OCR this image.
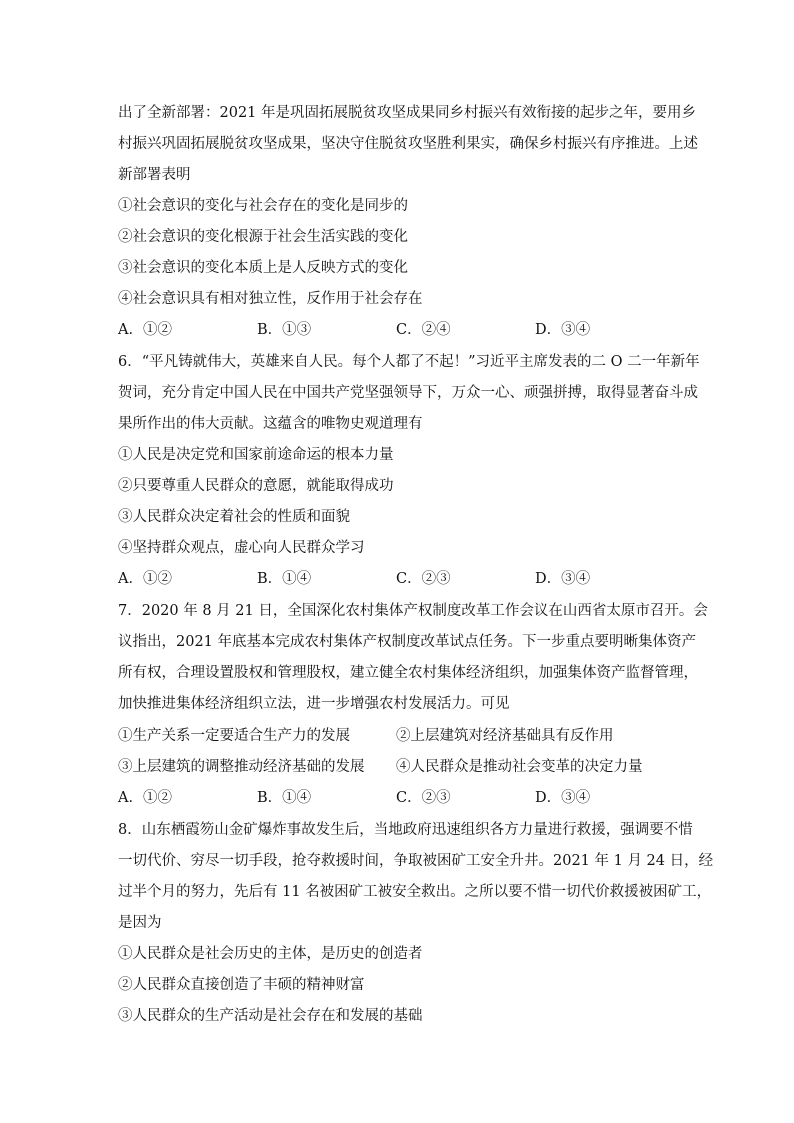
出了全新部署：2021 年是巩固拓展脱贫攻坚成果同乡村振兴有效衔接的起步之年，要用乡
村振兴巩固拓展脱贫攻坚成果，坚决守住脱贫攻坚胜利果实，确保乡村振兴有序推进。上述
新部署表明
①社会意识的变化与社会存在的变化是同步的
②社会意识的变化根源于社会生活实践的变化
③社会意识的变化本质上是人反映方式的变化
④社会意识具有相对独立性，反作用于社会存在
A．①②	B．①③	C．②④	D．③④
6．“平凡铸就伟大，英雄来自人民。每个人都了不起！”习近平主席发表的二 O 二一年新年
贺词，充分肯定中国人民在中国共产党坚强领导下，万众一心、顽强拼搏，取得显著奋斗成
果所作出的伟大贡献。这蕴含的唯物史观道理有
①人民是决定党和国家前途命运的根本力量
②只要尊重人民群众的意愿，就能取得成功
③人民群众决定着社会的性质和面貌
④坚持群众观点，虚心向人民群众学习
A．①②	B．①④	C．②③	D．③④
7．2020 年 8 月 21 日，全国深化农村集体产权制度改革工作会议在山西省太原市召开。会
议指出，2021 年底基本完成农村集体产权制度改革试点任务。下一步重点要明晰集体资产
所有权，合理设置股权和管理股权，建立健全农村集体经济组织，加强集体资产监督管理，
加快推进集体经济组织立法，进一步增强农村发展活力。可见
①生产关系一定要适合生产力的发展	②上层建筑对经济基础具有反作用
③上层建筑的调整推动经济基础的发展 ④人民群众是推动社会变革的决定力量
A．①②	B．①④	C．②③	D．③④
8．山东栖霞笏山金矿爆炸事故发生后，当地政府迅速组织各方力量进行救援，强调要不惜
一切代价、穷尽一切手段，抢夺救援时间，争取被困矿工安全升井。2021 年 1 月 24 日，经
过半个月的努力，先后有 11 名被困矿工被安全救出。之所以要不惜一切代价救援被困矿工，
是因为
①人民群众是社会历史的主体，是历史的创造者
②人民群众直接创造了丰硕的精神财富
③人民群众的生产活动是社会存在和发展的基础
